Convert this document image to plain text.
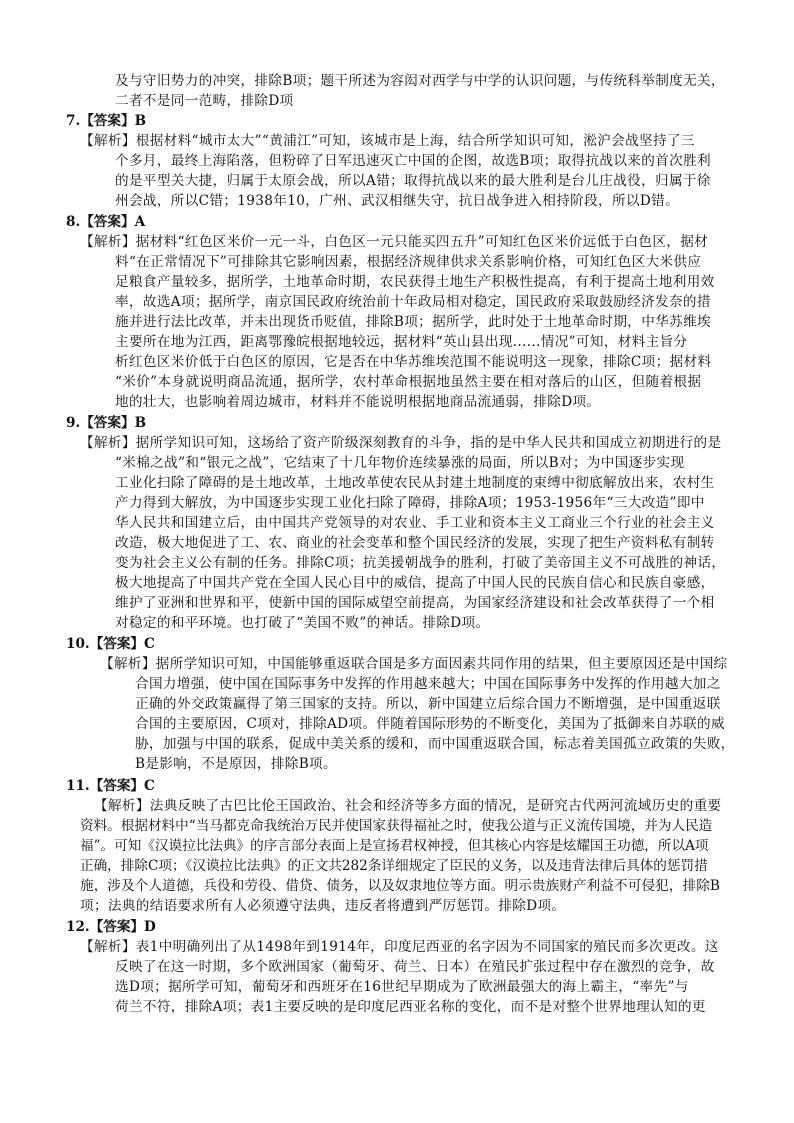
及与守旧势力的冲突，排除B项；题干所述为容闳对西学与中学的认识问题，与传统科举制度无关，
二者不是同一范畴，排除D项
7.【答案】B
【解析】根据材料“城市太大”“黄浦江”可知，该城市是上海，结合所学知识可知，淞沪会战坚持了三
个多月，最终上海陷落，但粉碎了日军迅速灭亡中国的企图，故选B项；取得抗战以来的首次胜利
的是平型关大捷，归属于太原会战，所以A错；取得抗战以来的最大胜利是台儿庄战役，归属于徐
州会战，所以C错；1938年10，广州、武汉相继失守，抗日战争进入相持阶段，所以D错。
8.【答案】A
【解析】据材料“红色区米价一元一斗，白色区一元只能买四五升”可知红色区米价远低于白色区，据材
料“在正常情况下”可排除其它影响因素，根据经济规律供求关系影响价格，可知红色区大米供应
足粮食产量较多，据所学，土地革命时期，农民获得土地生产积极性提高，有利于提高土地利用效
率，故选A项；据所学，南京国民政府统治前十年政局相对稳定，国民政府采取鼓励经济发奈的措
施并进行法比改革，并未出现货币贬值，排除B项；据所学，此时处于土地革命时期，中华苏维埃
主要所在地为江西，距离鄂豫皖根据地较远，据材料“英山县出现......情况”可知，材料主旨分
析红色区米价低于白色区的原因，它是否在中华苏维埃范围不能说明这一现象，排除C项；据材料
“米价”本身就说明商品流通，据所学，农村革命根据地虽然主要在相对落后的山区，但随着根据
地的壮大，也影响着周边城市，材料并不能说明根据地商品流通弱，排除D项。
9.【答案】B
【解析】据所学知识可知，这场给了资产阶级深刻教育的斗争，指的是中华人民共和国成立初期进行的是
“米棉之战”和“银元之战”，它结束了十几年物价连续暴涨的局面，所以B对；为中国逐步实现
工业化扫除了障碍的是土地改革，土地改革使农民从封建土地制度的束缚中彻底解放出来，农村生
产力得到大解放，为中国逐步实现工业化扫除了障碍，排除A项；1953-1956年“三大改造”即中
华人民共和国建立后，由中国共产党领导的对农业、手工业和资本主义工商业三个行业的社会主义
改造，极大地促进了工、农、商业的社会变革和整个国民经济的发展，实现了把生产资料私有制转
变为社会主义公有制的任务。排除C项；抗美援朝战争的胜利，打破了美帝国主义不可战胜的神话，
极大地提高了中国共产党在全国人民心目中的威信，提高了中国人民的民族自信心和民族自豪感，
维护了亚洲和世界和平，使新中国的国际威望空前提高，为国家经济建设和社会改革获得了一个相
对稳定的和平环境。也打破了“美国不败”的神话。排除D项。
10.【答案】C
【解析】据所学知识可知，中国能够重返联合国是多方面因素共同作用的结果，但主要原因还是中国综
合国力增强，使中国在国际事务中发挥的作用越来越大；中国在国际事务中发挥的作用越大加之
正确的外交政策赢得了第三国家的支持。所以，新中国建立后综合国力不断增强，是中国重返联
合国的主要原因，C项对，排除AD项。伴随着国际形势的不断变化，美国为了抵御来自苏联的威
胁，加强与中国的联系，促成中美关系的缓和，而中国重返联合国，标志着美国孤立政策的失败，
B是影响，不是原因，排除B项。
11.【答案】C
【解析】法典反映了古巴比伦王国政治、社会和经济等多方面的情况，是研究古代两河流域历史的重要
资料。根据材料中“当马都克命我统治万民并使国家获得福祉之时，使我公道与正义流传国境，并为人民造
福”。可知《汉谟拉比法典》的序言部分表面上是宣扬君权神授，但其核心内容是炫耀国王功德，所以A项
正确，排除C项；《汉谟拉比法典》的正文共282条详细规定了臣民的义务，以及违背法律后具体的惩罚措
施，涉及个人道德，兵役和劳役、借贷、债务，以及奴隶地位等方面。明示贵族财产利益不可侵犯，排除B
项；法典的结语要求所有人必须遵守法典，违反者将遭到严厉惩罚。排除D项。
12.【答案】D
【解析】表1中明确列出了从1498年到1914年，印度尼西亚的名字因为不同国家的殖民而多次更改。这
反映了在这一时期，多个欧洲国家（葡萄牙、荷兰、日本）在殖民扩张过程中存在激烈的竞争，故
选D项；据所学可知，葡萄牙和西班牙在16世纪早期成为了欧洲最强大的海上霸主，“率先”与
荷兰不符，排除A项；表1主要反映的是印度尼西亚名称的变化，而不是对整个世界地理认知的更
